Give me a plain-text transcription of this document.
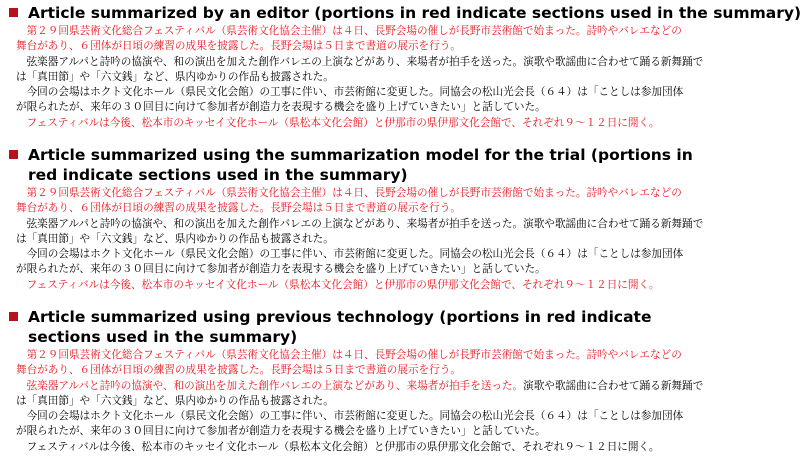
Article summarized by an editor (portions in red indicate sections used in the summary)
　第２９回県芸術文化総合フェスティバル（県芸術文化協会主催）は４日、長野会場の催しが長野市芸術館で始まった。詩吟やバレエなどの
舞台があり、６団体が日頃の練習の成果を披露した。長野会場は５日まで書道の展示を行う。
　弦楽器アルパと詩吟の協演や、和の演出を加えた創作バレエの上演などがあり、来場者が拍手を送った。演歌や歌謡曲に合わせて踊る新舞踊で
は「真田節」や「六文銭」など、県内ゆかりの作品も披露された。
　今回の会場はホクト文化ホール（県民文化会館）の工事に伴い、市芸術館に変更した。同協会の松山光会長（６４）は「ことしは参加団体
が限られたが、来年の３０回目に向けて参加者が創造力を表現する機会を盛り上げていきたい」と話していた。
　フェスティバルは今後、松本市のキッセイ文化ホール（県松本文化会館）と伊那市の県伊那文化会館で、それぞれ９～１２日に開く。
Article summarized using the summarization model for the trial (portions in red indicate sections used in the summary)
　第２９回県芸術文化総合フェスティバル（県芸術文化協会主催）は４日、長野会場の催しが長野市芸術館で始まった。詩吟やバレエなどの
舞台があり、６団体が日頃の練習の成果を披露した。長野会場は５日まで書道の展示を行う。
　弦楽器アルパと詩吟の協演や、和の演出を加えた創作バレエの上演などがあり、来場者が拍手を送った。演歌や歌謡曲に合わせて踊る新舞踊で
は「真田節」や「六文銭」など、県内ゆかりの作品も披露された。
　今回の会場はホクト文化ホール（県民文化会館）の工事に伴い、市芸術館に変更した。同協会の松山光会長（６４）は「ことしは参加団体
が限られたが、来年の３０回目に向けて参加者が創造力を表現する機会を盛り上げていきたい」と話していた。
　フェスティバルは今後、松本市のキッセイ文化ホール（県松本文化会館）と伊那市の県伊那文化会館で、それぞれ９～１２日に開く。
Article summarized using previous technology (portions in red indicate sections used in the summary)
　第２９回県芸術文化総合フェスティバル（県芸術文化協会主催）は４日、長野会場の催しが長野市芸術館で始まった。詩吟やバレエなどの
舞台があり、６団体が日頃の練習の成果を披露した。長野会場は５日まで書道の展示を行う。
　弦楽器アルパと詩吟の協演や、和の演出を加えた創作バレエの上演などがあり、来場者が拍手を送った。演歌や歌謡曲に合わせて踊る新舞踊で
は「真田節」や「六文銭」など、県内ゆかりの作品も披露された。
　今回の会場はホクト文化ホール（県民文化会館）の工事に伴い、市芸術館に変更した。同協会の松山光会長（６４）は「ことしは参加団体
が限られたが、来年の３０回目に向けて参加者が創造力を表現する機会を盛り上げていきたい」と話していた。
　フェスティバルは今後、松本市のキッセイ文化ホール（県松本文化会館）と伊那市の県伊那文化会館で、それぞれ９～１２日に開く。
